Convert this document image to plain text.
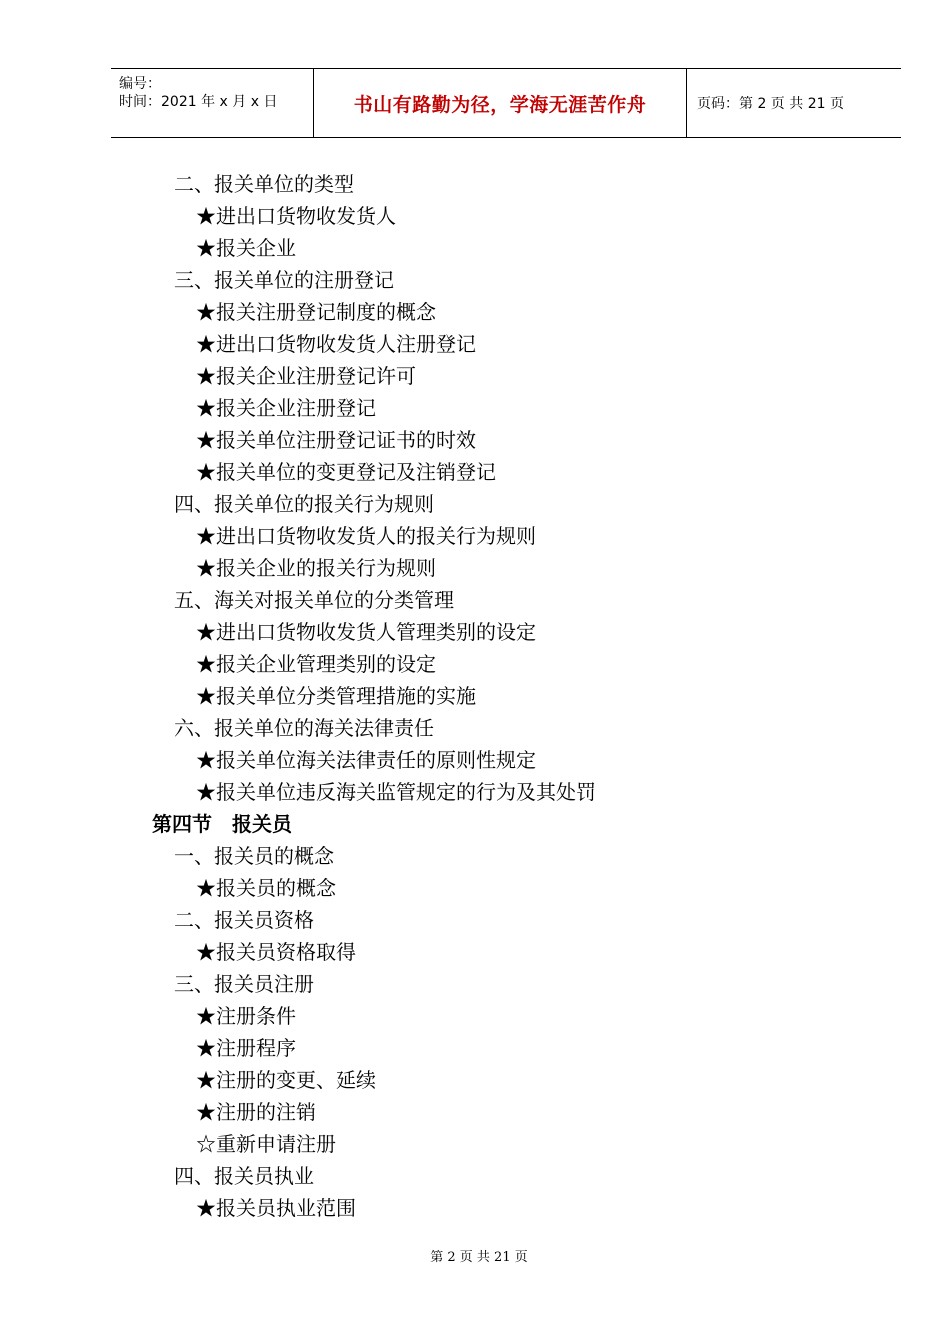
编号：
时间：2021 年 x 月 x 日	书山有路勤为径，学海无涯苦作舟	页码：第 2 页 共 21 页
二、报关单位的类型
★进出口货物收发货人
★报关企业
三、报关单位的注册登记
★报关注册登记制度的概念
★进出口货物收发货人注册登记
★报关企业注册登记许可
★报关企业注册登记
★报关单位注册登记证书的时效
★报关单位的变更登记及注销登记
四、报关单位的报关行为规则
★进出口货物收发货人的报关行为规则
★报关企业的报关行为规则
五、海关对报关单位的分类管理
★进出口货物收发货人管理类别的设定
★报关企业管理类别的设定
★报关单位分类管理措施的实施
六、报关单位的海关法律责任
★报关单位海关法律责任的原则性规定
★报关单位违反海关监管规定的行为及其处罚
第四节　报关员
一、报关员的概念
★报关员的概念
二、报关员资格
★报关员资格取得
三、报关员注册
★注册条件
★注册程序
★注册的变更、延续
★注册的注销
☆重新申请注册
四、报关员执业
★报关员执业范围
第 2 页 共 21 页
